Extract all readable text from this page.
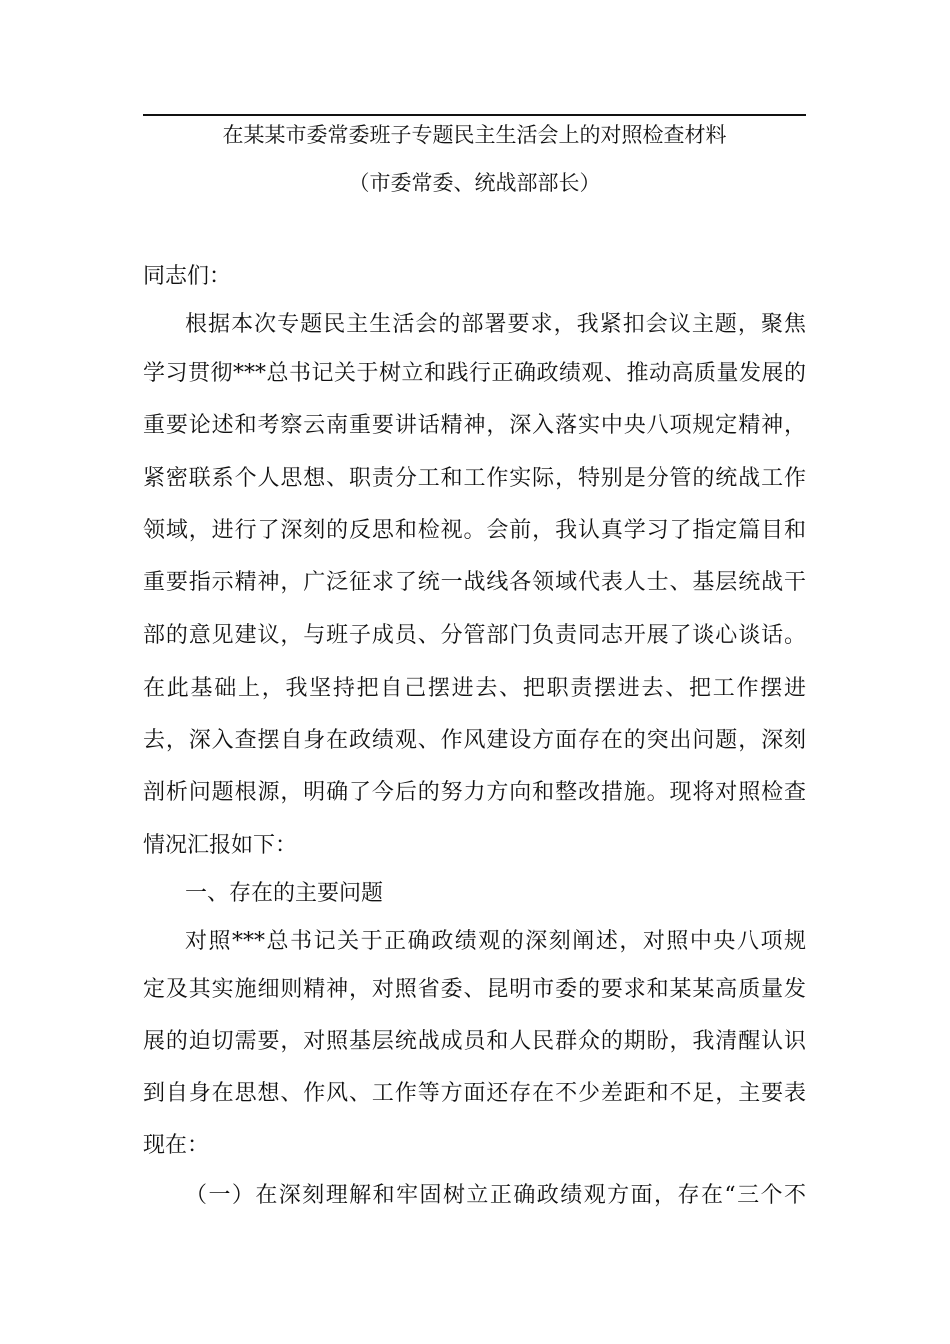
在某某市委常委班子专题民主生活会上的对照检查材料
（市委常委、统战部部长）
同志们：
根据本次专题民主生活会的部署要求，我紧扣会议主题，聚焦
学习贯彻***总书记关于树立和践行正确政绩观、推动高质量发展的
重要论述和考察云南重要讲话精神，深入落实中央八项规定精神，
紧密联系个人思想、职责分工和工作实际，特别是分管的统战工作
领域，进行了深刻的反思和检视。会前，我认真学习了指定篇目和
重要指示精神，广泛征求了统一战线各领域代表人士、基层统战干
部的意见建议，与班子成员、分管部门负责同志开展了谈心谈话。
在此基础上，我坚持把自己摆进去、把职责摆进去、把工作摆进
去，深入查摆自身在政绩观、作风建设方面存在的突出问题，深刻
剖析问题根源，明确了今后的努力方向和整改措施。现将对照检查
情况汇报如下：
一、存在的主要问题
对照***总书记关于正确政绩观的深刻阐述，对照中央八项规
定及其实施细则精神，对照省委、昆明市委的要求和某某高质量发
展的迫切需要，对照基层统战成员和人民群众的期盼，我清醒认识
到自身在思想、作风、工作等方面还存在不少差距和不足，主要表
现在：
（一）在深刻理解和牢固树立正确政绩观方面，存在“三个不
